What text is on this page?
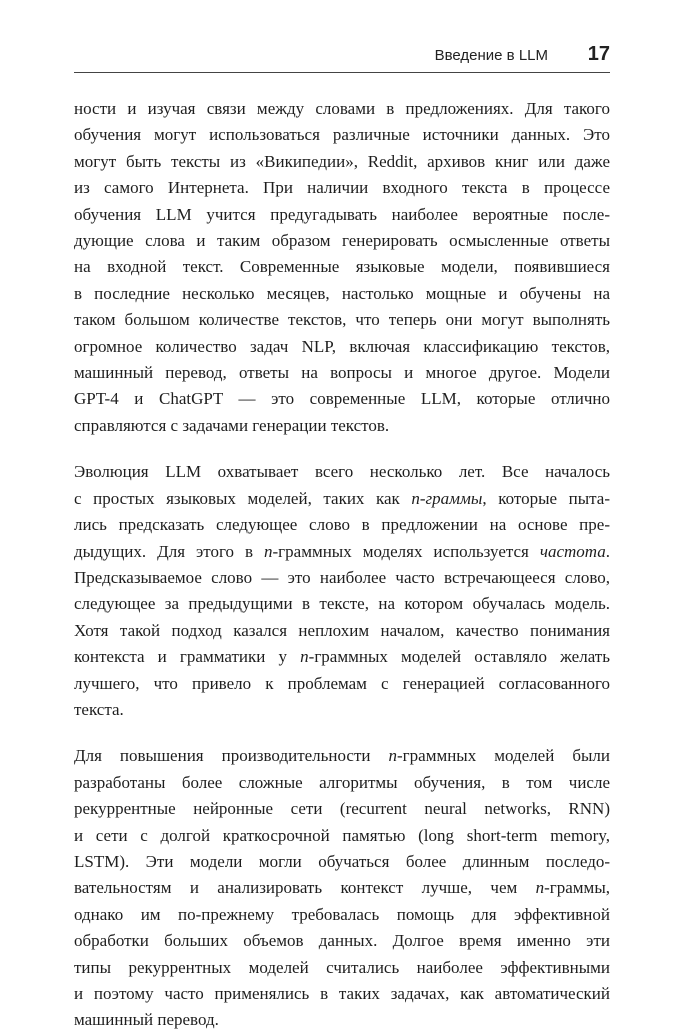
Введение в LLM 17

ности и изучая связи между словами в предложениях. Для такого
обучения могут использоваться различные источники данных. Это
могут быть тексты из «Википедии», Reddit, архивов книг или даже
из самого Интернета. При наличии входного текста в процессе
обучения LLM учится предугадывать наиболее вероятные после-
дующие слова и таким образом генерировать осмысленные ответы
на входной текст. Современные языковые модели, появившиеся
в последние несколько месяцев, настолько мощные и обучены на
таком большом количестве текстов, что теперь они могут выполнять
огромное количество задач NLP, включая классификацию текстов,
машинный перевод, ответы на вопросы и многое другое. Модели
GPT-4 и ChatGPT — это современные LLM, которые отлично
справляются с задачами генерации текстов.

Эволюция LLM охватывает всего несколько лет. Все началось
с простых языковых моделей, таких как n-граммы, которые пыта-
лись предсказать следующее слово в предложении на основе пре-
дыдущих. Для этого в n-граммных моделях используется частота.
Предсказываемое слово — это наиболее часто встречающееся слово,
следующее за предыдущими в тексте, на котором обучалась модель.
Хотя такой подход казался неплохим началом, качество понимания
контекста и грамматики у n-граммных моделей оставляло желать
лучшего, что привело к проблемам с генерацией согласованного
текста.

Для повышения производительности n-граммных моделей были
разработаны более сложные алгоритмы обучения, в том числе
рекуррентные нейронные сети (recurrent neural networks, RNN)
и сети с долгой краткосрочной памятью (long short-term memory,
LSTM). Эти модели могли обучаться более длинным последо-
вательностям и анализировать контекст лучше, чем n-граммы,
однако им по-прежнему требовалась помощь для эффективной
обработки больших объемов данных. Долгое время именно эти
типы рекуррентных моделей считались наиболее эффективными
и поэтому часто применялись в таких задачах, как автоматический
машинный перевод.
